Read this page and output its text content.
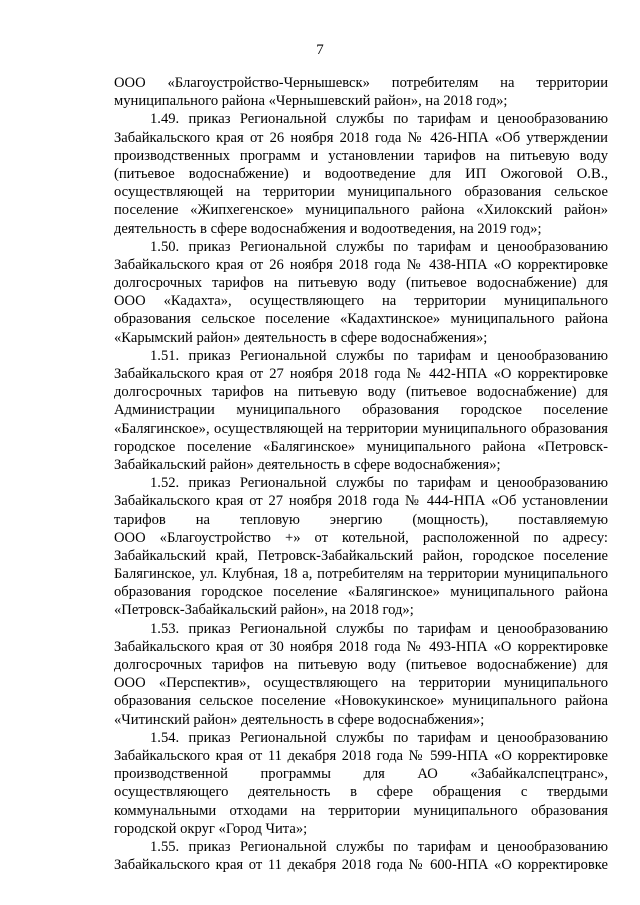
7
ООО «Благоустройство-Чернышевск» потребителям на территории
муниципального района «Чернышевский район», на 2018 год»;
1.49. приказ Региональной службы по тарифам и ценообразованию
Забайкальского края от 26 ноября 2018 года № 426-НПА «Об утверждении
производственных программ и установлении тарифов на питьевую воду
(питьевое водоснабжение) и водоотведение для ИП Ожоговой О.В.,
осуществляющей на территории муниципального образования сельское
поселение «Жипхегенское» муниципального района «Хилокский район»
деятельность в сфере водоснабжения и водоотведения, на 2019 год»;
1.50. приказ Региональной службы по тарифам и ценообразованию
Забайкальского края от 26 ноября 2018 года № 438-НПА «О корректировке
долгосрочных тарифов на питьевую воду (питьевое водоснабжение) для
ООО «Кадахта», осуществляющего на территории муниципального
образования сельское поселение «Кадахтинское» муниципального района
«Карымский район» деятельность в сфере водоснабжения»;
1.51. приказ Региональной службы по тарифам и ценообразованию
Забайкальского края от 27 ноября 2018 года № 442-НПА «О корректировке
долгосрочных тарифов на питьевую воду (питьевое водоснабжение) для
Администрации муниципального образования городское поселение
«Балягинское», осуществляющей на территории муниципального образования
городское поселение «Балягинское» муниципального района «Петровск-
Забайкальский район» деятельность в сфере водоснабжения»;
1.52. приказ Региональной службы по тарифам и ценообразованию
Забайкальского края от 27 ноября 2018 года № 444-НПА «Об установлении
тарифов на тепловую энергию (мощность), поставляемую
ООО «Благоустройство +» от котельной, расположенной по адресу:
Забайкальский край, Петровск-Забайкальский район, городское поселение
Балягинское, ул. Клубная, 18 а, потребителям на территории муниципального
образования городское поселение «Балягинское» муниципального района
«Петровск-Забайкальский район», на 2018 год»;
1.53. приказ Региональной службы по тарифам и ценообразованию
Забайкальского края от 30 ноября 2018 года № 493-НПА «О корректировке
долгосрочных тарифов на питьевую воду (питьевое водоснабжение) для
ООО «Перспектив», осуществляющего на территории муниципального
образования сельское поселение «Новокукинское» муниципального района
«Читинский район» деятельность в сфере водоснабжения»;
1.54. приказ Региональной службы по тарифам и ценообразованию
Забайкальского края от 11 декабря 2018 года № 599-НПА «О корректировке
производственной программы для АО «Забайкалспецтранс»,
осуществляющего деятельность в сфере обращения с твердыми
коммунальными отходами на территории муниципального образования
городской округ «Город Чита»;
1.55. приказ Региональной службы по тарифам и ценообразованию
Забайкальского края от 11 декабря 2018 года № 600-НПА «О корректировке
